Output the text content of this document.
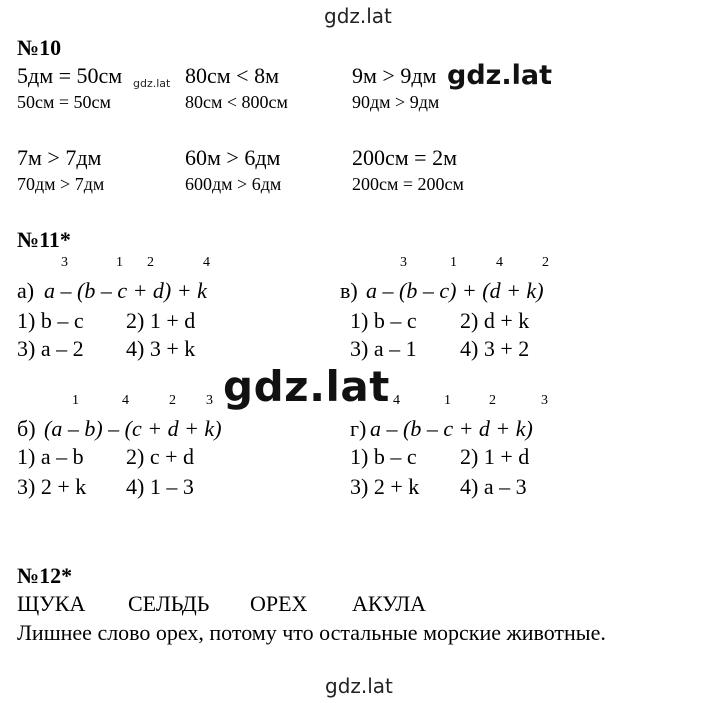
gdz.lat
gdz.lat	gdz.lat
gdz.lat
gdz.lat
№10
5дм = 50см	80см < 8м	9м > 9дм
50см = 50см	80см < 800см	90дм > 9дм
7м > 7дм	60м > 6дм	200см = 2м
70дм > 7дм	600дм > 6дм	200см = 200см
№11*
3	1 2	4
а) a – (b – c + d) + k
1) b – c 2) 1 + d
3) a – 2 4) 3 + k
3	1	4	2
в) a – (b – c) + (d + k)
1) b – c 2) d + k
3) a – 1 4) 3 + 2
1	4	2 3
б) (a – b) – (c + d + k)
1) a – b 2) c + d
3) 2 + k 4) 1 – 3
4	1	2	3
г) a – (b – c + d + k)
1) b – c 2) 1 + d
3) 2 + k 4) a – 3
№12*
ЩУКА СЕЛЬДЬ ОРЕХ АКУЛА
Лишнее слово орех, потому что остальные морские животные.
